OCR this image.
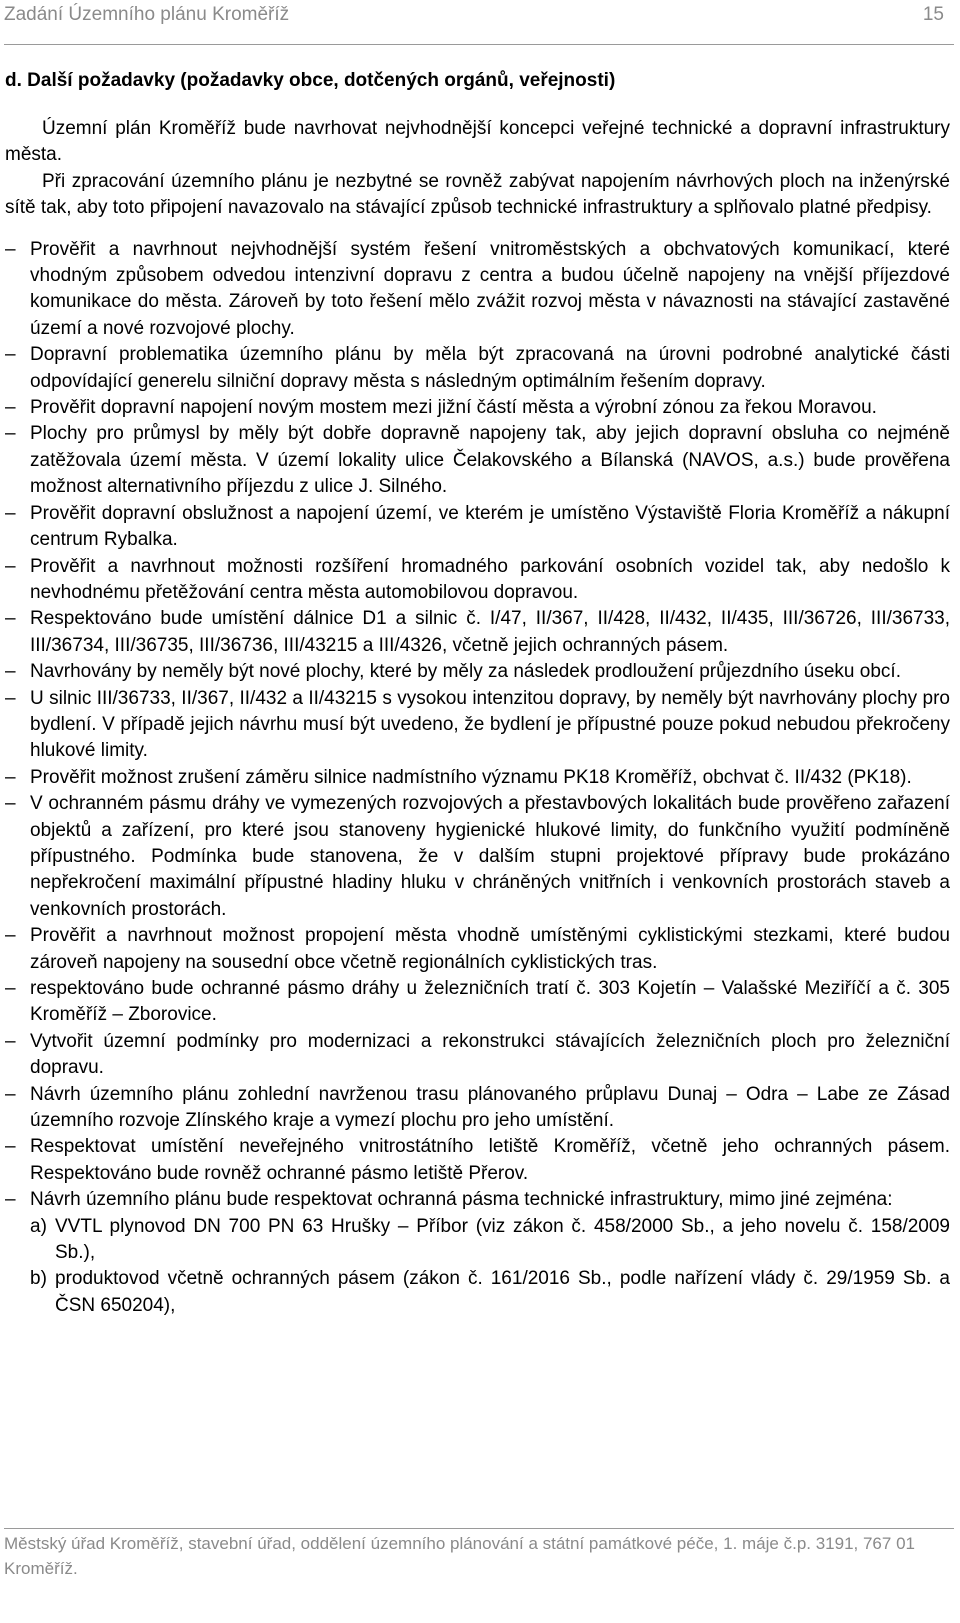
Zadání Územního plánu Kroměříž	15
d. Další požadavky (požadavky obce, dotčených orgánů, veřejnosti)

Územní plán Kroměříž bude navrhovat nejvhodnější koncepci veřejné technické a dopravní infrastruktury města.

Při zpracování územního plánu je nezbytné se rovněž zabývat napojením návrhových ploch na inženýrské sítě tak, aby toto připojení navazovalo na stávající způsob technické infrastruktury a splňovalo platné předpisy.

– Prověřit a navrhnout nejvhodnější systém řešení vnitroměstských a obchvatových komunikací, které vhodným způsobem odvedou intenzivní dopravu z centra a budou účelně napojeny na vnější příjezdové komunikace do města. Zároveň by toto řešení mělo zvážit rozvoj města v návaznosti na stávající zastavěné území a nové rozvojové plochy.
– Dopravní problematika územního plánu by měla být zpracovaná na úrovni podrobné analytické části odpovídající generelu silniční dopravy města s následným optimálním řešením dopravy.
– Prověřit dopravní napojení novým mostem mezi jižní částí města a výrobní zónou za řekou Moravou.
– Plochy pro průmysl by měly být dobře dopravně napojeny tak, aby jejich dopravní obsluha co nejméně zatěžovala území města. V území lokality ulice Čelakovského a Bílanská (NAVOS, a.s.) bude prověřena možnost alternativního příjezdu z ulice J. Silného.
– Prověřit dopravní obslužnost a napojení území, ve kterém je umístěno Výstaviště Floria Kroměříž a nákupní centrum Rybalka.
– Prověřit a navrhnout možnosti rozšíření hromadného parkování osobních vozidel tak, aby nedošlo k nevhodnému přetěžování centra města automobilovou dopravou.
– Respektováno bude umístění dálnice D1 a silnic č. I/47, II/367, II/428, II/432, II/435, III/36726, III/36733, III/36734, III/36735, III/36736, III/43215 a III/4326, včetně jejich ochranných pásem.
– Navrhovány by neměly být nové plochy, které by měly za následek prodloužení průjezdního úseku obcí.
– U silnic III/36733, II/367, II/432 a II/43215 s vysokou intenzitou dopravy, by neměly být navrhovány plochy pro bydlení. V případě jejich návrhu musí být uvedeno, že bydlení je přípustné pouze pokud nebudou překročeny hlukové limity.
– Prověřit možnost zrušení záměru silnice nadmístního významu PK18 Kroměříž, obchvat č. II/432 (PK18).
– V ochranném pásmu dráhy ve vymezených rozvojových a přestavbových lokalitách bude prověřeno zařazení objektů a zařízení, pro které jsou stanoveny hygienické hlukové limity, do funkčního využití podmíněně přípustného. Podmínka bude stanovena, že v dalším stupni projektové přípravy bude prokázáno nepřekročení maximální přípustné hladiny hluku v chráněných vnitřních i venkovních prostorách staveb a venkovních prostorách.
– Prověřit a navrhnout možnost propojení města vhodně umístěnými cyklistickými stezkami, které budou zároveň napojeny na sousední obce včetně regionálních cyklistických tras.
– respektováno bude ochranné pásmo dráhy u železničních tratí č. 303 Kojetín – Valašské Meziříčí a č. 305 Kroměříž – Zborovice.
– Vytvořit územní podmínky pro modernizaci a rekonstrukci stávajících železničních ploch pro železniční dopravu.
– Návrh územního plánu zohlední navrženou trasu plánovaného průplavu Dunaj – Odra – Labe ze Zásad územního rozvoje Zlínského kraje a vymezí plochu pro jeho umístění.
– Respektovat umístění neveřejného vnitrostátního letiště Kroměříž, včetně jeho ochranných pásem. Respektováno bude rovněž ochranné pásmo letiště Přerov.
– Návrh územního plánu bude respektovat ochranná pásma technické infrastruktury, mimo jiné zejména:
a) VVTL plynovod DN 700 PN 63 Hrušky – Příbor (viz zákon č. 458/2000 Sb., a jeho novelu č. 158/2009 Sb.),
b) produktovod včetně ochranných pásem (zákon č. 161/2016 Sb., podle nařízení vlády č. 29/1959 Sb. a ČSN 650204),
Městský úřad Kroměříž, stavební úřad, oddělení územního plánování a státní památkové péče, 1. máje č.p. 3191, 767 01 Kroměříž.
